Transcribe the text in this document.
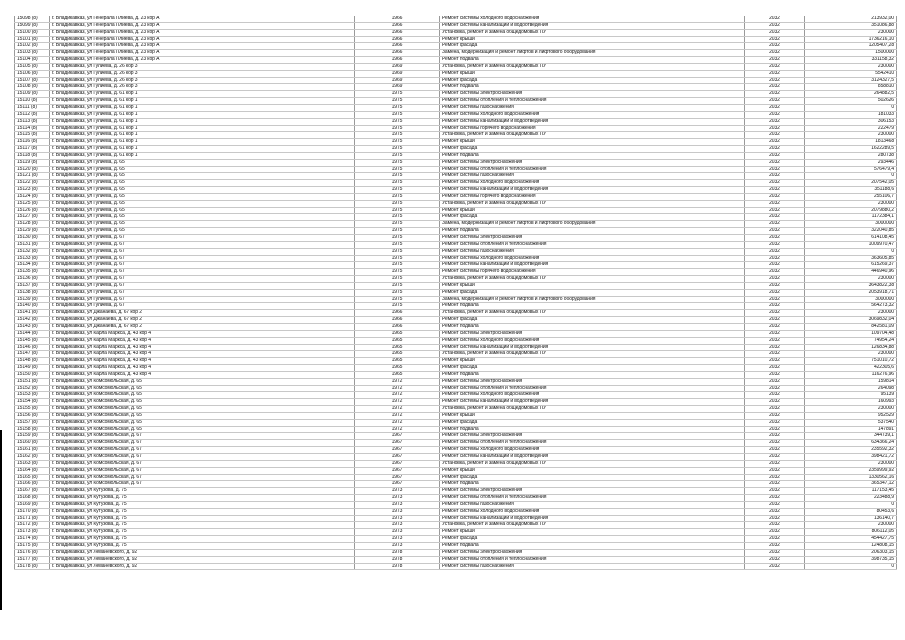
15098 (8)	г. Владикавказ, ул Генерала Плиева, д. 23 кор А	1966	Ремонт системы холодного водоснабжения	2032	213932,00
15099 (8)	г. Владикавказ, ул Генерала Плиева, д. 23 кор А	1966	Ремонт системы канализации и водоотведения	2032	351086,88
15100 (8)	г. Владикавказ, ул Генерала Плиева, д. 23 кор А	1966	Установка, ремонт и замена общедомовых ПУ	2032	230000
15101 (8)	г. Владикавказ, ул Генерала Плиева, д. 23 кор А	1966	Ремонт крыши	2032	1736216,10
15102 (8)	г. Владикавказ, ул Генерала Плиева, д. 23 кор А	1966	Ремонт фасада	2032	1205407,28
15103 (8)	г. Владикавказ, ул Генерала Плиева, д. 23 кор А	1966	Замена, модернизация и ремонт лифтов и лифтового оборудования	2032	1500000
15104 (8)	г. Владикавказ, ул Генерала Плиева, д. 23 кор А	1966	Ремонт подвала	2032	331158,32
15105 (8)	г. Владикавказ, ул Гулиева, д. 26 кор 3	1969	Установка, ремонт и замена общедомовых ПУ	2032	230000
15106 (8)	г. Владикавказ, ул Гулиева, д. 26 кор 3	1969	Ремонт крыши	2032	5542410
15107 (8)	г. Владикавказ, ул Гулиева, д. 26 кор 3	1969	Ремонт фасада	2032	3124327,5
15108 (8)	г. Владикавказ, ул Гулиева, д. 26 кор 3	1969	Ремонт подвала	2032	858810
15109 (8)	г. Владикавказ, ул Гулиева, д. 61 кор 1	1975	Ремонт системы электроснабжения	2032	264882,5
15110 (8)	г. Владикавказ, ул Гулиева, д. 61 кор 1	1975	Ремонт системы отопления и теплоснабжения	2032	502626
15111 (8)	г. Владикавказ, ул Гулиева, д. 61 кор 1	1975	Ремонт системы газоснабжения	2032	0
15112 (8)	г. Владикавказ, ул Гулиева, д. 61 кор 1	1975	Ремонт системы холодного водоснабжения	2032	181033
15113 (8)	г. Владикавказ, ул Гулиева, д. 61 кор 1	1975	Ремонт системы канализации и водоотведения	2032	306153
15114 (8)	г. Владикавказ, ул Гулиева, д. 61 кор 1	1975	Ремонт системы горячего водоснабжения	2032	222479
15115 (8)	г. Владикавказ, ул Гулиева, д. 61 кор 1	1975	Установка, ремонт и замена общедомовых ПУ	2032	230000
15116 (8)	г. Владикавказ, ул Гулиева, д. 61 кор 1	1975	Ремонт крыши	2032	1813468
15117 (8)	г. Владикавказ, ул Гулиева, д. 61 кор 1	1975	Ремонт фасада	2032	1622289,5
15118 (8)	г. Владикавказ, ул Гулиева, д. 61 кор 1	1975	Ремонт подвала	2032	280738
15119 (8)	г. Владикавказ, ул Гулиева, д. 65	1975	Ремонт системы электроснабжения	2032	293446
15120 (8)	г. Владикавказ, ул Гулиева, д. 65	1975	Ремонт системы отопления и теплоснабжения	2032	576479,4
15121 (8)	г. Владикавказ, ул Гулиева, д. 65	1975	Ремонт системы газоснабжения	2032	0
15122 (8)	г. Владикавказ, ул Гулиева, д. 65	1975	Ремонт системы холодного водоснабжения	2032	207542,05
15123 (8)	г. Владикавказ, ул Гулиева, д. 65	1975	Ремонт системы канализации и водоотведения	2032	351188,6
15124 (8)	г. Владикавказ, ул Гулиева, д. 65	1975	Ремонт системы горячего водоснабжения	2032	255106,7
15125 (8)	г. Владикавказ, ул Гулиева, д. 65	1975	Установка, ремонт и замена общедомовых ПУ	2032	230000
15126 (8)	г. Владикавказ, ул Гулиева, д. 65	1975	Ремонт крыши	2032	2079880,2
15127 (8)	г. Владикавказ, ул Гулиева, д. 65	1975	Ремонт фасада	2032	1172384,1
15128 (8)	г. Владикавказ, ул Гулиева, д. 65	1975	Замена, модернизация и ремонт лифтов и лифтового оборудования	2032	3000000
15129 (8)	г. Владикавказ, ул Гулиева, д. 65	1975	Ремонт подвала	2032	322040,85
15130 (8)	г. Владикавказ, ул Гулиева, д. 67	1975	Ремонт системы электроснабжения	2032	614108,45
15131 (8)	г. Владикавказ, ул Гулиева, д. 67	1975	Ремонт системы отопления и теплоснабжения	2032	1009970,47
15132 (8)	г. Владикавказ, ул Гулиева, д. 67	1975	Ремонт системы газоснабжения	2032	0
15133 (8)	г. Владикавказ, ул Гулиева, д. 67	1975	Ремонт системы холодного водоснабжения	2032	363605,85
15134 (8)	г. Владикавказ, ул Гулиева, д. 67	1975	Ремонт системы канализации и водоотведения	2032	615269,37
15135 (8)	г. Владикавказ, ул Гулиева, д. 67	1975	Ремонт системы горячего водоснабжения	2032	446940,96
15136 (8)	г. Владикавказ, ул Гулиева, д. 67	1975	Установка, ремонт и замена общедомовых ПУ	2032	230000
15137 (8)	г. Владикавказ, ул Гулиева, д. 67	1975	Ремонт крыши	2032	3643822,38
15138 (8)	г. Владикавказ, ул Гулиева, д. 67	1975	Ремонт фасада	2032	2053918,71
15139 (8)	г. Владикавказ, ул Гулиева, д. 67	1975	Замена, модернизация и ремонт лифтов и лифтового оборудования	2032	3000000
15140 (8)	г. Владикавказ, ул Гулиева, д. 67	1975	Ремонт подвала	2032	564273,32
15141 (8)	г. Владикавказ, ул Джанаева, д. 67 кор 2	1966	Установка, ремонт и замена общедомовых ПУ	2032	230000
15142 (8)	г. Владикавказ, ул Джанаева, д. 67 кор 2	1966	Ремонт фасада	2032	3069832,04
15143 (8)	г. Владикавказ, ул Джанаева, д. 67 кор 2	1966	Ремонт подвала	2032	842581,09
15144 (8)	г. Владикавказ, ул Карла Маркса, д. 43 кор 4	1965	Ремонт системы электроснабжения	2032	109704,48
15145 (8)	г. Владикавказ, ул Карла Маркса, д. 43 кор 4	1965	Ремонт системы холодного водоснабжения	2032	74954,24
15146 (8)	г. Владикавказ, ул Карла Маркса, д. 43 кор 4	1965	Ремонт системы канализации и водоотведения	2032	126834,88
15147 (8)	г. Владикавказ, ул Карла Маркса, д. 43 кор 4	1965	Установка, ремонт и замена общедомовых ПУ	2032	230000
15148 (8)	г. Владикавказ, ул Карла Маркса, д. 43 кор 4	1965	Ремонт крыши	2032	751010,72
15149 (8)	г. Владикавказ, ул Карла Маркса, д. 43 кор 4	1965	Ремонт фасада	2032	422305,6
15150 (8)	г. Владикавказ, ул Карла Маркса, д. 43 кор 4	1965	Ремонт подвала	2032	116276,96
15151 (8)	г. Владикавказ, ул Комсомольская, д. 65	1972	Ремонт системы электроснабжения	2032	159814
15152 (8)	г. Владикавказ, ул Комсомольская, д. 65	1972	Ремонт системы отопления и теплоснабжения	2032	264098
15153 (8)	г. Владикавказ, ул Комсомольская, д. 65	1972	Ремонт системы холодного водоснабжения	2032	95139
15154 (8)	г. Владикавказ, ул Комсомольская, д. 65	1972	Ремонт системы канализации и водоотведения	2032	160993
15155 (8)	г. Владикавказ, ул Комсомольская, д. 65	1972	Установка, ремонт и замена общедомовых ПУ	2032	230000
15156 (8)	г. Владикавказ, ул Комсомольская, д. 65	1972	Ремонт крыши	2032	952529
15157 (8)	г. Владикавказ, ул Комсомольская, д. 65	1972	Ремонт фасада	2032	537540
15158 (8)	г. Владикавказ, ул Комсомольская, д. 65	1972	Ремонт подвала	2032	147891
15159 (8)	г. Владикавказ, ул Комсомольская, д. 67	1967	Ремонт системы электроснабжения	2032	344739,1
15160 (8)	г. Владикавказ, ул Комсомольская, д. 67	1967	Ремонт системы отопления и теплоснабжения	2032	634366,24
15161 (8)	г. Владикавказ, ул Комсомольская, д. 67	1967	Ремонт системы холодного водоснабжения	2032	235592,32
15162 (8)	г. Владикавказ, ул Комсомольская, д. 67	1967	Ремонт системы канализации и водоотведения	2032	398421,72
15163 (8)	г. Владикавказ, ул Комсомольская, д. 67	1967	Установка, ремонт и замена общедомовых ПУ	2032	230000
15164 (8)	г. Владикавказ, ул Комсомольская, д. 67	1967	Ремонт крыши	2032	2359999,92
15165 (8)	г. Владикавказ, ул Комсомольская, д. 67	1967	Ремонт фасада	2032	1330562,16
15166 (8)	г. Владикавказ, ул Комсомольская, д. 67	1967	Ремонт подвала	2032	365347,12
15167 (8)	г. Владикавказ, ул Кутузова, д. 75	1973	Ремонт системы электроснабжения	2032	117153,45
15168 (8)	г. Владикавказ, ул Кутузова, д. 75	1973	Ремонт системы отопления и теплоснабжения	2032	223488,9
15169 (8)	г. Владикавказ, ул Кутузова, д. 75	1973	Ремонт системы газоснабжения	2032	0
15170 (8)	г. Владикавказ, ул Кутузова, д. 75	1973	Ремонт системы холодного водоснабжения	2032	80453,6
15171 (8)	г. Владикавказ, ул Кутузова, д. 75	1973	Ремонт системы канализации и водоотведения	2032	136140,7
15172 (8)	г. Владикавказ, ул Кутузова, д. 75	1973	Установка, ремонт и замена общедомовых ПУ	2032	230000
15173 (8)	г. Владикавказ, ул Кутузова, д. 75	1973	Ремонт крыши	2032	806112,05
15174 (8)	г. Владикавказ, ул Кутузова, д. 75	1973	Ремонт фасада	2032	454427,75
15175 (8)	г. Владикавказ, ул Кутузова, д. 75	1973	Ремонт подвала	2032	124808,15
15176 (8)	г. Владикавказ, ул Леваневского, д. 92	1978	Ремонт системы электроснабжения	2032	206303,15
15177 (8)	г. Владикавказ, ул Леваневского, д. 92	1978	Ремонт системы отопления и теплоснабжения	2032	398735,15
15178 (8)	г. Владикавказ, ул Леваневского, д. 92	1978	Ремонт системы газоснабжения	2032	0
